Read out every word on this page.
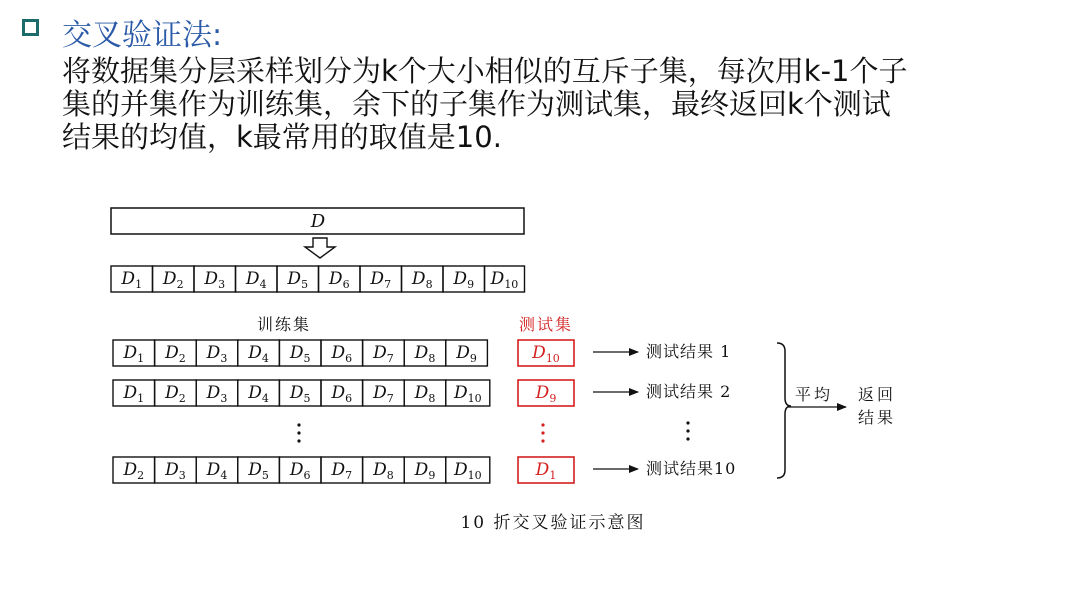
交叉验证法:
将数据集分层采样划分为k个大小相似的互斥子集，每次用k-1个子
集的并集作为训练集，余下的子集作为测试集，最终返回k个测试
结果的均值，k最常用的取值是10.
D
$D_1$ $D_2$ $D_3$ $D_4$ $D_5$ $D_6$ $D_7$ $D_8$ $D_9$ $D_{10}$
训练集	测试集
$D_1$ $D_2$ $D_3$ $D_4$ $D_5$ $D_6$ $D_7$ $D_8$ $D_9$	$D_{10}$	测试结果 1
$D_1$ $D_2$ $D_3$ $D_4$ $D_5$ $D_6$ $D_7$ $D_8$ $D_{10}$	$D_9$	测试结果 2
$D_2$ $D_3$ $D_4$ $D_5$ $D_6$ $D_7$ $D_8$ $D_9$ $D_{10}$	$D_1$	测试结果10
平均 返回
结果
10 折交叉验证示意图
